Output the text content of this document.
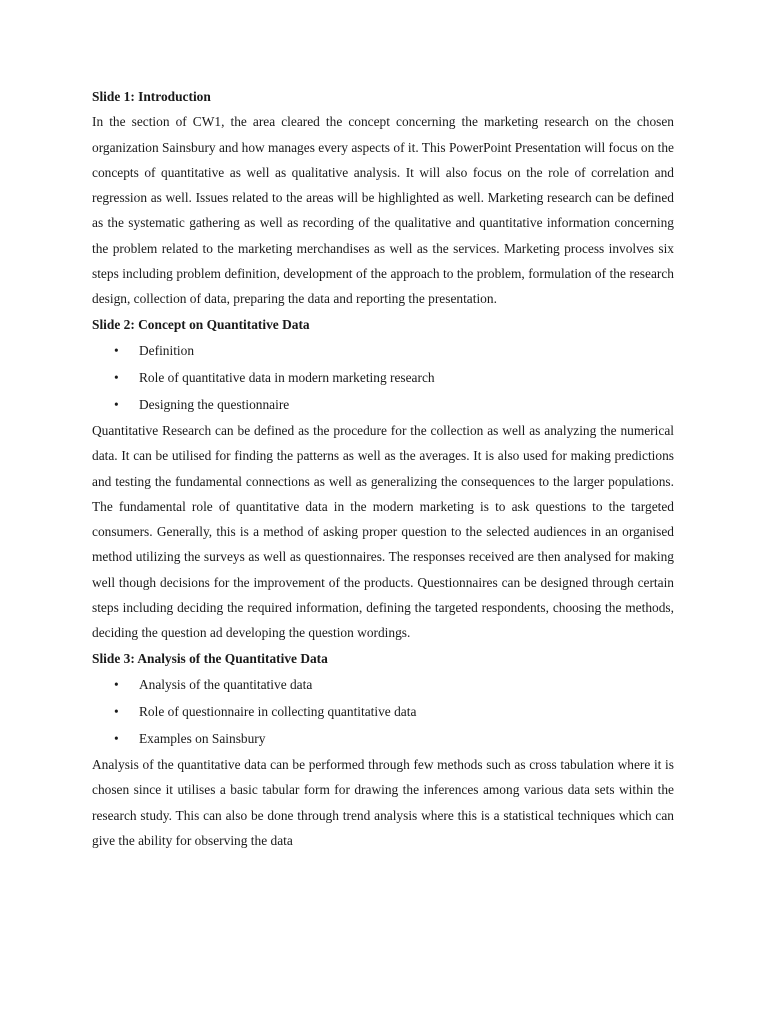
Slide 1: Introduction

In the section of CW1, the area cleared the concept concerning the marketing research on the chosen organization Sainsbury and how manages every aspects of it. This PowerPoint Presentation will focus on the concepts of quantitative as well as qualitative analysis. It will also focus on the role of correlation and regression as well. Issues related to the areas will be highlighted as well. Marketing research can be defined as the systematic gathering as well as recording of the qualitative and quantitative information concerning the problem related to the marketing merchandises as well as the services. Marketing process involves six steps including problem definition, development of the approach to the problem, formulation of the research design, collection of data, preparing the data and reporting the presentation.

Slide 2: Concept on Quantitative Data

• Definition
• Role of quantitative data in modern marketing research
• Designing the questionnaire

Quantitative Research can be defined as the procedure for the collection as well as analyzing the numerical data. It can be utilised for finding the patterns as well as the averages. It is also used for making predictions and testing the fundamental connections as well as generalizing the consequences to the larger populations. The fundamental role of quantitative data in the modern marketing is to ask questions to the targeted consumers. Generally, this is a method of asking proper question to the selected audiences in an organised method utilizing the surveys as well as questionnaires. The responses received are then analysed for making well though decisions for the improvement of the products. Questionnaires can be designed through certain steps including deciding the required information, defining the targeted respondents, choosing the methods, deciding the question ad developing the question wordings.

Slide 3: Analysis of the Quantitative Data

• Analysis of the quantitative data
• Role of questionnaire in collecting quantitative data
• Examples on Sainsbury

Analysis of the quantitative data can be performed through few methods such as cross tabulation where it is chosen since it utilises a basic tabular form for drawing the inferences among various data sets within the research study. This can also be done through trend analysis where this is a statistical techniques which can give the ability for observing the data
